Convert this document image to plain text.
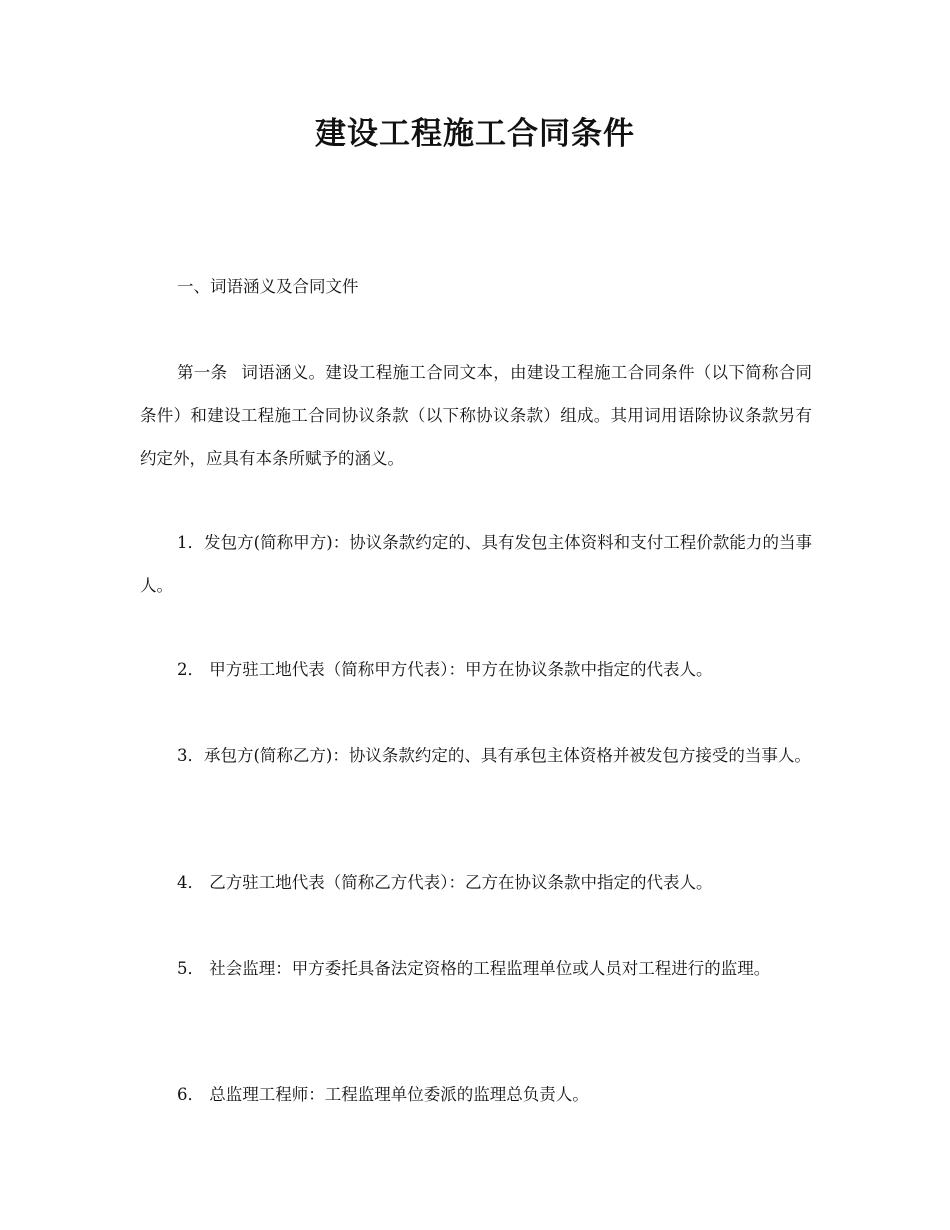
建设工程施工合同条件

一、词语涵义及合同文件

第一条 词语涵义。建设工程施工合同文本，由建设工程施工合同条件（以下简称合同条件）和建设工程施工合同协议条款（以下称协议条款）组成。其用词用语除协议条款另有约定外，应具有本条所赋予的涵义。

1．发包方(简称甲方)：协议条款约定的、具有发包主体资料和支付工程价款能力的当事人。

2． 甲方驻工地代表（简称甲方代表）：甲方在协议条款中指定的代表人。

3．承包方(简称乙方)：协议条款约定的、具有承包主体资格并被发包方接受的当事人。

4． 乙方驻工地代表（简称乙方代表）：乙方在协议条款中指定的代表人。

5． 社会监理：甲方委托具备法定资格的工程监理单位或人员对工程进行的监理。

6． 总监理工程师：工程监理单位委派的监理总负责人。
